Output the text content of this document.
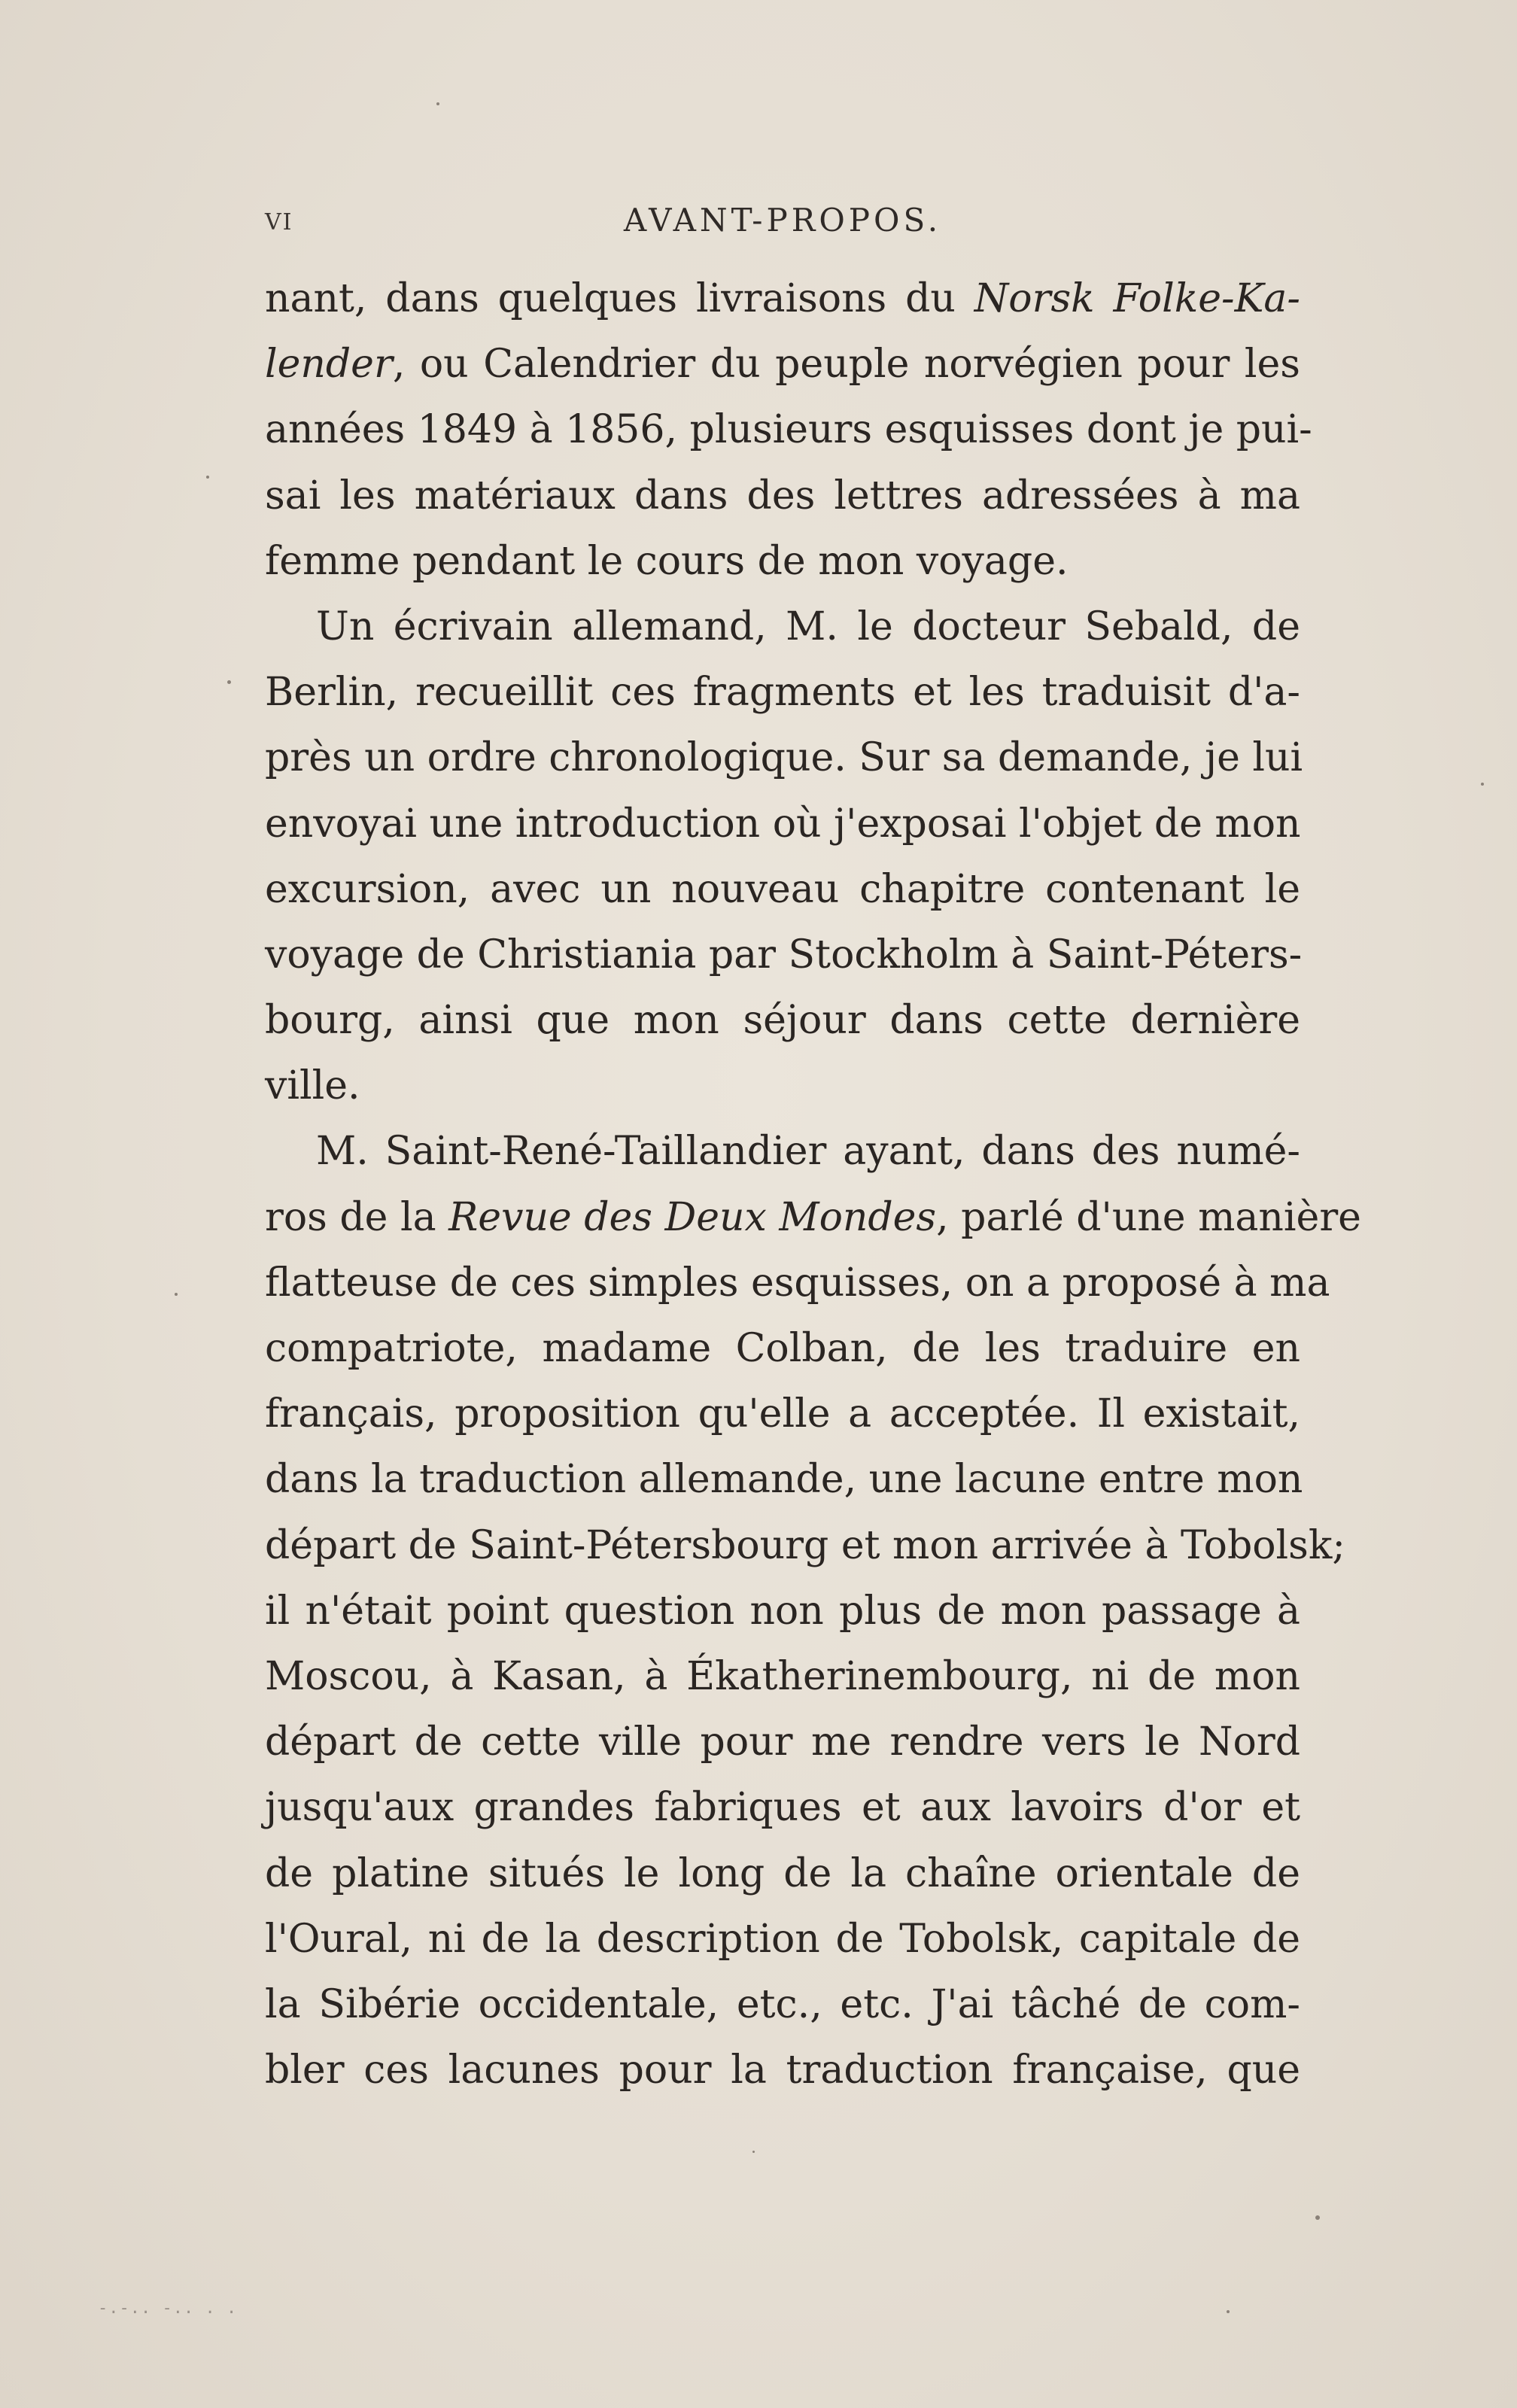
VI	AVANT-PROPOS.
nant, dans quelques livraisons du Norsk Folke-Ka-
lender, ou Calendrier du peuple norvégien pour les
années 1849 à 1856, plusieurs esquisses dont je pui-
sai les matériaux dans des lettres adressées à ma
femme pendant le cours de mon voyage.
Un écrivain allemand, M. le docteur Sebald, de
Berlin, recueillit ces fragments et les traduisit d'a-
près un ordre chronologique. Sur sa demande, je lui
envoyai une introduction où j'exposai l'objet de mon
excursion, avec un nouveau chapitre contenant le
voyage de Christiania par Stockholm à Saint-Péters-
bourg, ainsi que mon séjour dans cette dernière
ville.
M. Saint-René-Taillandier ayant, dans des numé-
ros de la Revue des Deux Mondes, parlé d'une manière
flatteuse de ces simples esquisses, on a proposé à ma
compatriote, madame Colban, de les traduire en
français, proposition qu'elle a acceptée. Il existait,
dans la traduction allemande, une lacune entre mon
départ de Saint-Pétersbourg et mon arrivée à Tobolsk;
il n'était point question non plus de mon passage à
Moscou, à Kasan, à Ékatherinembourg, ni de mon
départ de cette ville pour me rendre vers le Nord
jusqu'aux grandes fabriques et aux lavoirs d'or et
de platine situés le long de la chaîne orientale de
l'Oural, ni de la description de Tobolsk, capitale de
la Sibérie occidentale, etc., etc. J'ai tâché de com-
bler ces lacunes pour la traduction française, que
-.-.. -.. . .
